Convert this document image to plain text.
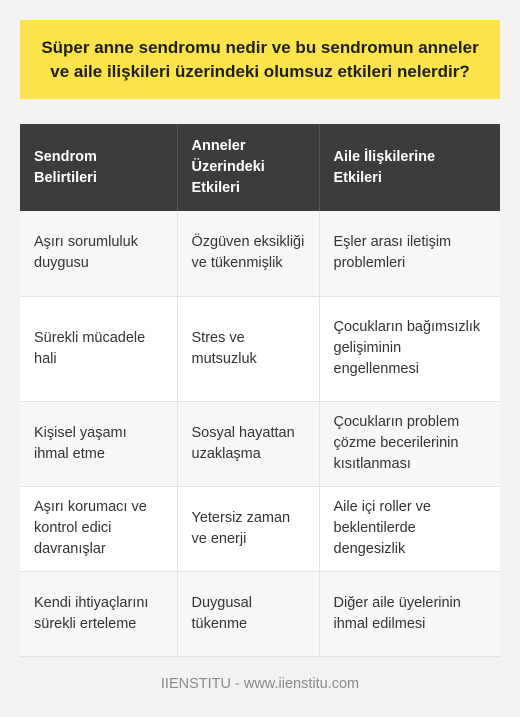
Süper anne sendromu nedir ve bu sendromun anneler ve aile ilişkileri üzerindeki olumsuz etkileri nelerdir?
Sendrom Belirtileri	Anneler Üzerindeki Etkileri	Aile İlişkilerine Etkileri
Aşırı sorumluluk duygusu	Özgüven eksikliği ve tükenmişlik	Eşler arası iletişim problemleri
Sürekli mücadele hali	Stres ve mutsuzluk	Çocukların bağımsızlık gelişiminin engellenmesi
Kişisel yaşamı ihmal etme	Sosyal hayattan uzaklaşma	Çocukların problem çözme becerilerinin kısıtlanması
Aşırı korumacı ve kontrol edici davranışlar	Yetersiz zaman ve enerji	Aile içi roller ve beklentilerde dengesizlik
Kendi ihtiyaçlarını sürekli erteleme	Duygusal tükenme	Diğer aile üyelerinin ihmal edilmesi
IIENSTITU - www.iienstitu.com
